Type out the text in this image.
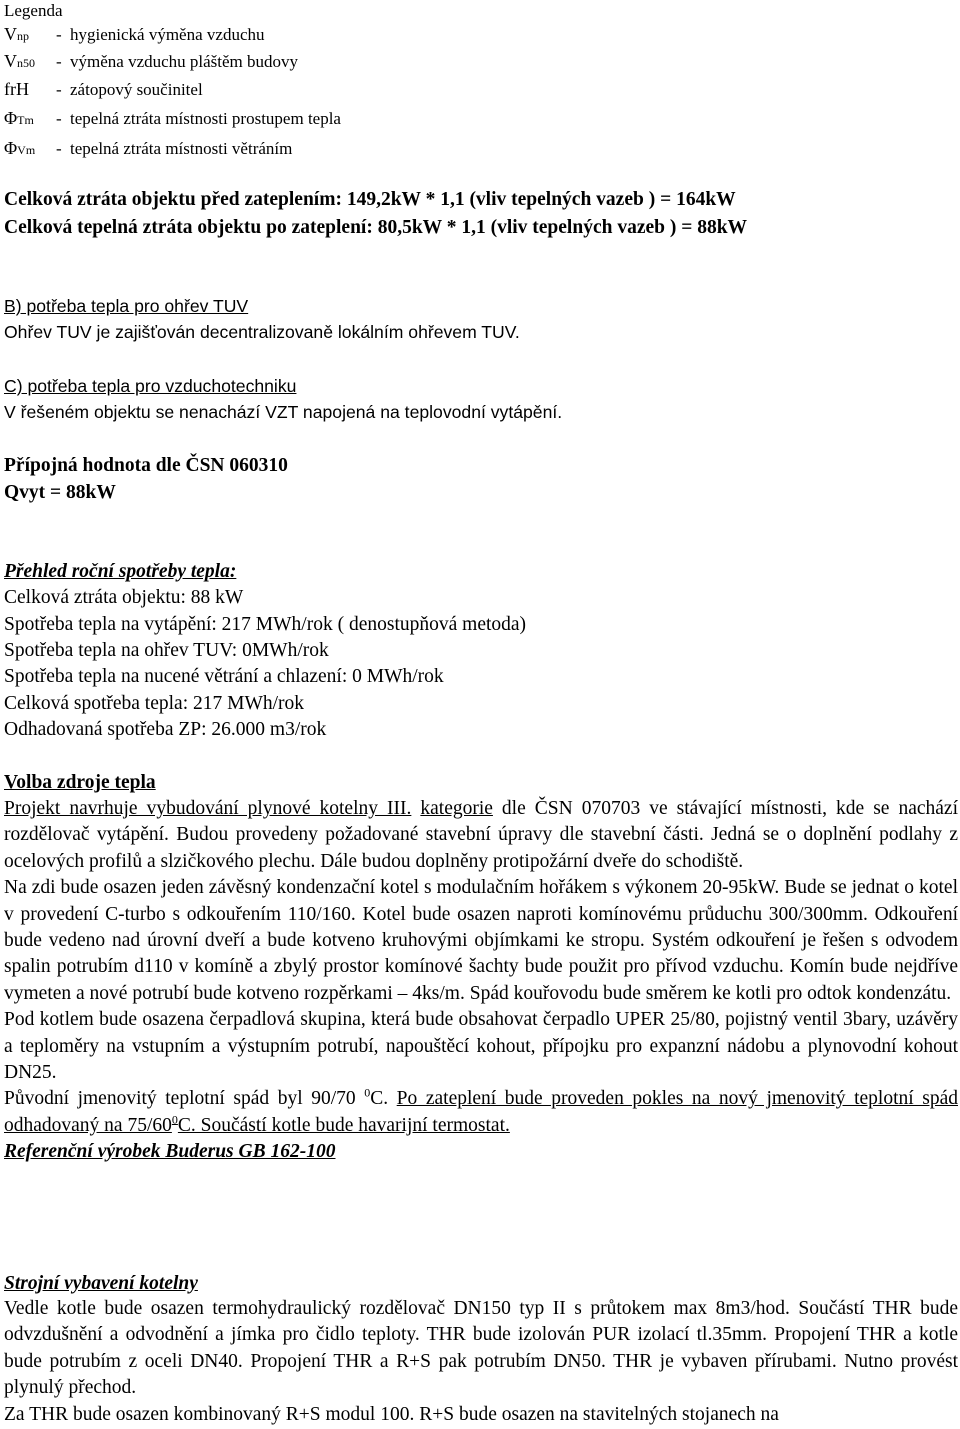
Legenda
Vnp - hygienická výměna vzduchu
Vn50 - výměna vzduchu pláštěm budovy
frH - zátopový součinitel
ΦTm - tepelná ztráta místnosti prostupem tepla
ΦVm - tepelná ztráta místnosti větráním
Celková ztráta objektu před zateplením: 149,2kW * 1,1 (vliv tepelných vazeb ) = 164kW
Celková tepelná ztráta objektu po zateplení: 80,5kW * 1,1 (vliv tepelných vazeb ) = 88kW
B) potřeba tepla pro ohřev TUV
Ohřev TUV je zajišťován decentralizovaně lokálním ohřevem TUV.
C) potřeba tepla pro vzduchotechniku
V řešeném objektu se nenachází VZT napojená na teplovodní vytápění.
Přípojná hodnota dle ČSN 060310
Qvyt = 88kW
Přehled roční spotřeby tepla:
Celková ztráta objektu: 88 kW
Spotřeba tepla na vytápění: 217 MWh/rok ( denostupňová metoda)
Spotřeba tepla na ohřev TUV: 0MWh/rok
Spotřeba tepla na nucené větrání a chlazení: 0 MWh/rok
Celková spotřeba tepla: 217 MWh/rok
Odhadovaná spotřeba ZP: 26.000 m3/rok
Volba zdroje tepla

Projekt navrhuje vybudování plynové kotelny III. kategorie dle ČSN 070703 ve stávající místnosti, kde se nachází rozdělovač vytápění. Budou provedeny požadované stavební úpravy dle stavební části. Jedná se o doplnění podlahy z ocelových profilů a slzičkového plechu. Dále budou doplněny protipožární dveře do schodiště.

Na zdi bude osazen jeden závěsný kondenzační kotel s modulačním hořákem s výkonem 20-95kW. Bude se jednat o kotel v provedení C-turbo s odkouřením 110/160. Kotel bude osazen naproti komínovému průduchu 300/300mm. Odkouření bude vedeno nad úrovní dveří a bude kotveno kruhovými objímkami ke stropu. Systém odkouření je řešen s odvodem spalin potrubím d110 v komíně a zbylý prostor komínové šachty bude použit pro přívod vzduchu. Komín bude nejdříve vymeten a nové potrubí bude kotveno rozpěrkami – 4ks/m. Spád kouřovodu bude směrem ke kotli pro odtok kondenzátu.

Pod kotlem bude osazena čerpadlová skupina, která bude obsahovat čerpadlo UPER 25/80, pojistný ventil 3bary, uzávěry a teploměry na vstupním a výstupním potrubí, napouštěcí kohout, přípojku pro expanzní nádobu a plynovodní kohout DN25.

Původní jmenovitý teplotní spád byl 90/70 $^0$C. Po zateplení bude proveden pokles na nový jmenovitý teplotní spád odhadovaný na $75/60^0C$. Součástí kotle bude havarijní termostat.

Referenční výrobek Buderus GB 162-100

Strojní vybavení kotelny

Vedle kotle bude osazen termohydraulický rozdělovač DN150 typ II s průtokem max 8m3/hod. Součástí THR bude odvzdušnění a odvodnění a jímka pro čidlo teploty. THR bude izolován PUR izolací tl.35mm. Propojení THR a kotle bude potrubím z oceli DN40. Propojení THR a R+S pak potrubím DN50. THR je vybaven přírubami. Nutno provést plynulý přechod.

Za THR bude osazen kombinovaný R+S modul 100. R+S bude osazen na stavitelných stojanech na
